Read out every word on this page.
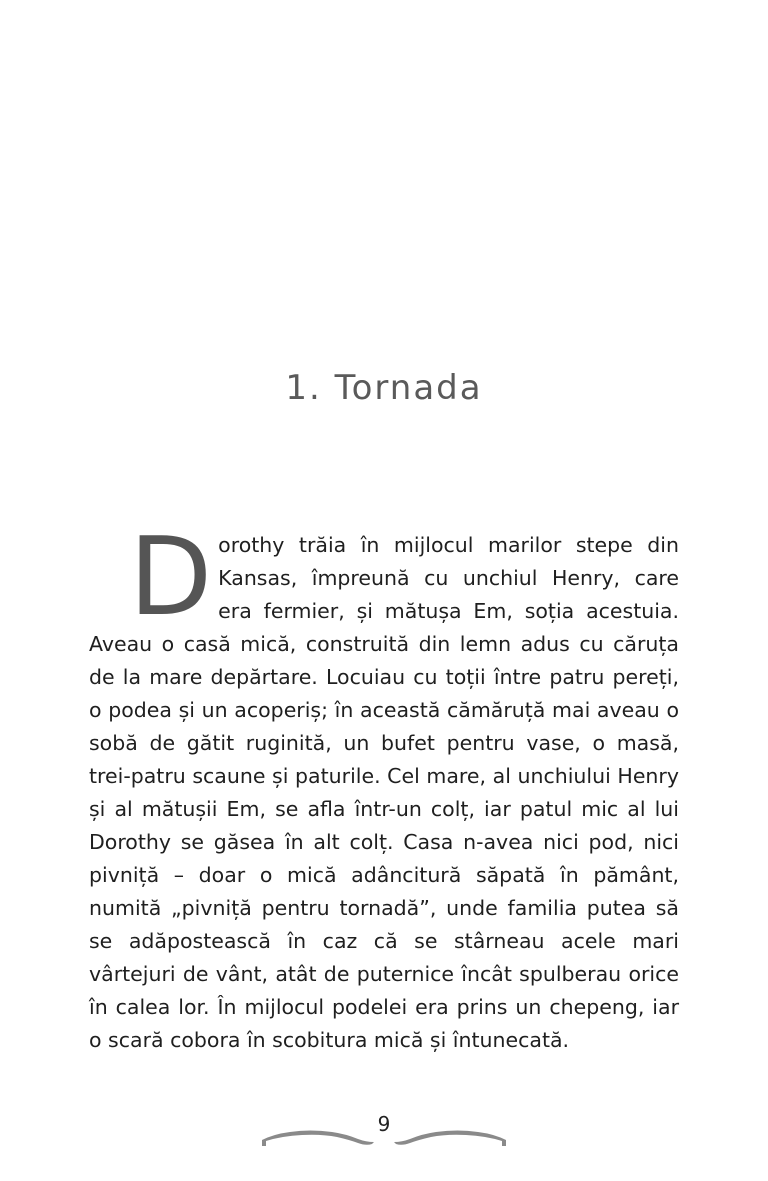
1. Tornada

Dorothy trăia în mijlocul marilor stepe din Kansas, împreună cu unchiul Henry, care era fermier, și mătușa Em, soția acestuia. Aveau o casă mică, construită din lemn adus cu căruța de la mare depărtare. Locuiau cu toții între patru pereți, o podea și un acoperiș; în această cămăruță mai aveau o sobă de gătit ruginită, un bufet pentru vase, o masă, trei-patru scaune și paturile. Cel mare, al unchiului Henry și al mătușii Em, se afla într-un colț, iar patul mic al lui Dorothy se găsea în alt colț. Casa n-avea nici pod, nici pivniță – doar o mică adâncitură săpată în pământ, numită „pivniță pentru tornadă”, unde familia putea să se adăpostească în caz că se stârneau acele mari vârtejuri de vânt, atât de puternice încât spulberau orice în calea lor. În mijlocul podelei era prins un chepeng, iar o scară cobora în scobitura mică și întunecată.

9
